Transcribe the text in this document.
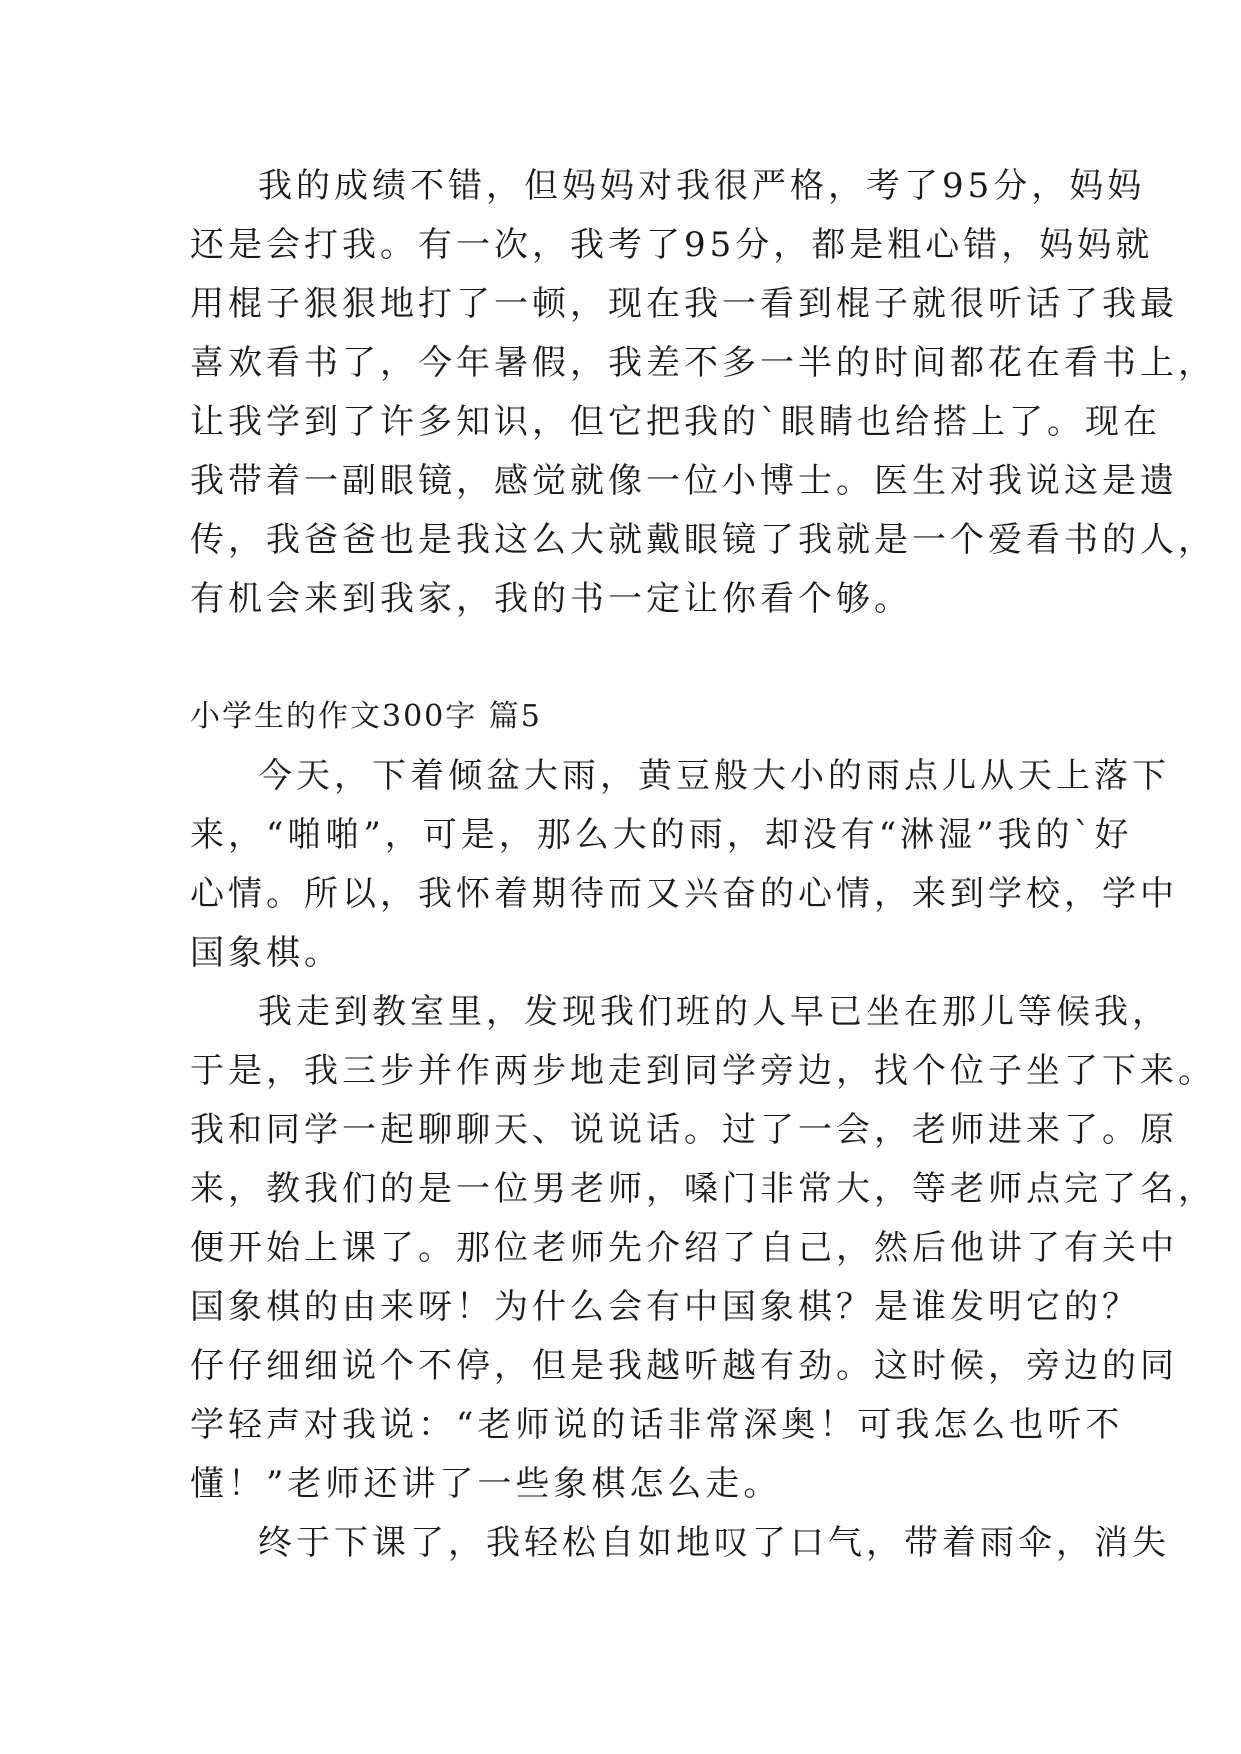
我的成绩不错，但妈妈对我很严格，考了95分，妈妈
还是会打我。有一次，我考了95分，都是粗心错，妈妈就
用棍子狠狠地打了一顿，现在我一看到棍子就很听话了我最
喜欢看书了，今年暑假，我差不多一半的时间都花在看书上，
让我学到了许多知识，但它把我的`眼睛也给搭上了。现在
我带着一副眼镜，感觉就像一位小博士。医生对我说这是遗
传，我爸爸也是我这么大就戴眼镜了我就是一个爱看书的人，
有机会来到我家，我的书一定让你看个够。
小学生的作文300字 篇5
今天，下着倾盆大雨，黄豆般大小的雨点儿从天上落下
来，“啪啪”，可是，那么大的雨，却没有“淋湿”我的`好
心情。所以，我怀着期待而又兴奋的心情，来到学校，学中
国象棋。
我走到教室里，发现我们班的人早已坐在那儿等候我，
于是，我三步并作两步地走到同学旁边，找个位子坐了下来。
我和同学一起聊聊天、说说话。过了一会，老师进来了。原
来，教我们的是一位男老师，嗓门非常大，等老师点完了名，
便开始上课了。那位老师先介绍了自己，然后他讲了有关中
国象棋的由来呀！为什么会有中国象棋？是谁发明它的？
仔仔细细说个不停，但是我越听越有劲。这时候，旁边的同
学轻声对我说：“老师说的话非常深奥！可我怎么也听不
懂！”老师还讲了一些象棋怎么走。
终于下课了，我轻松自如地叹了口气，带着雨伞，消失
